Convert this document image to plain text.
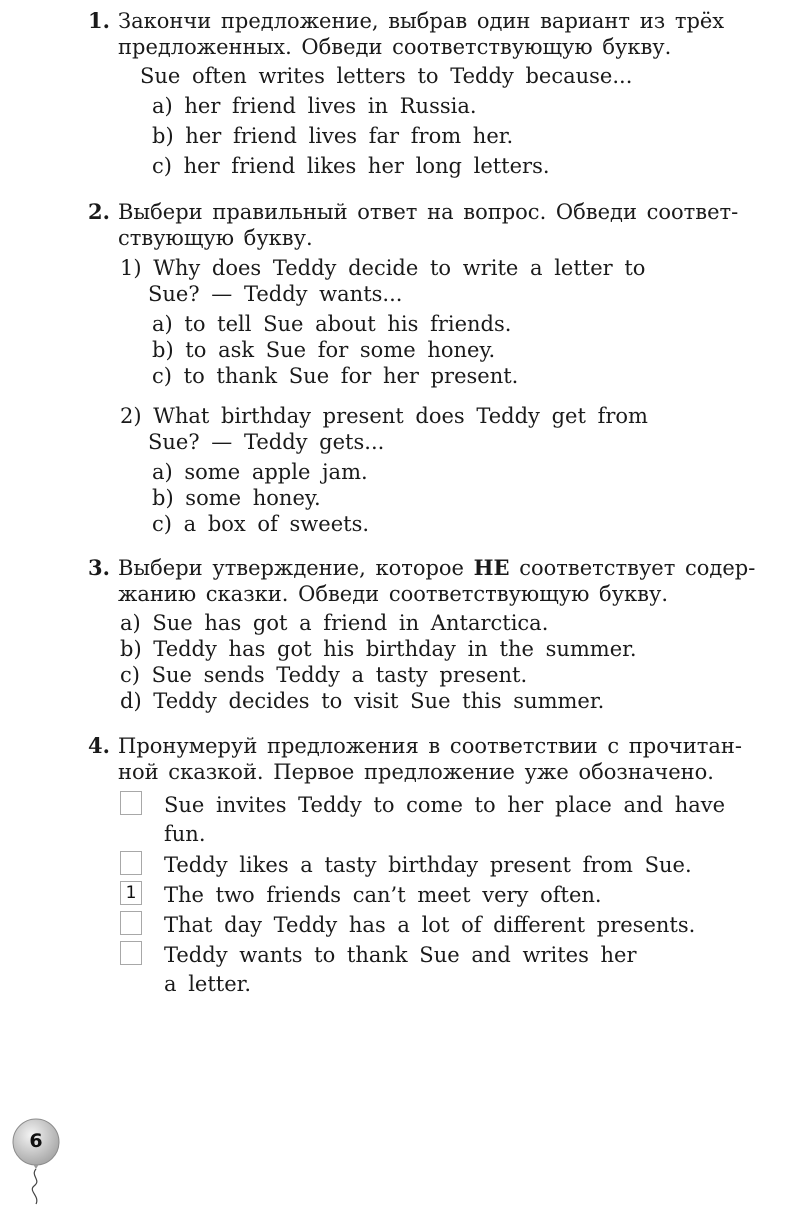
1. Закончи предложение, выбрав один вариант из трёх
предложенных. Обведи соответствующую букву.
Sue often writes letters to Teddy because...
a) her friend lives in Russia.
b) her friend lives far from her.
c) her friend likes her long letters.
2. Выбери правильный ответ на вопрос. Обведи соответ-
ствующую букву.
1) Why does Teddy decide to write a letter to
Sue? — Teddy wants...
a) to tell Sue about his friends.
b) to ask Sue for some honey.
c) to thank Sue for her present.
2) What birthday present does Teddy get from
Sue? — Teddy gets...
a) some apple jam.
b) some honey.
c) a box of sweets.
3. Выбери утверждение, которое НЕ соответствует содер-
жанию сказки. Обведи соответствующую букву.
a) Sue has got a friend in Antarctica.
b) Teddy has got his birthday in the summer.
c) Sue sends Teddy a tasty present.
d) Teddy decides to visit Sue this summer.
4. Пронумеруй предложения в соответствии с прочитан-
ной сказкой. Первое предложение уже обозначено.
Sue invites Teddy to come to her place and have
fun.
Teddy likes a tasty birthday present from Sue.
1 The two friends can’t meet very often.
That day Teddy has a lot of different presents.
Teddy wants to thank Sue and writes her
a letter.
6
